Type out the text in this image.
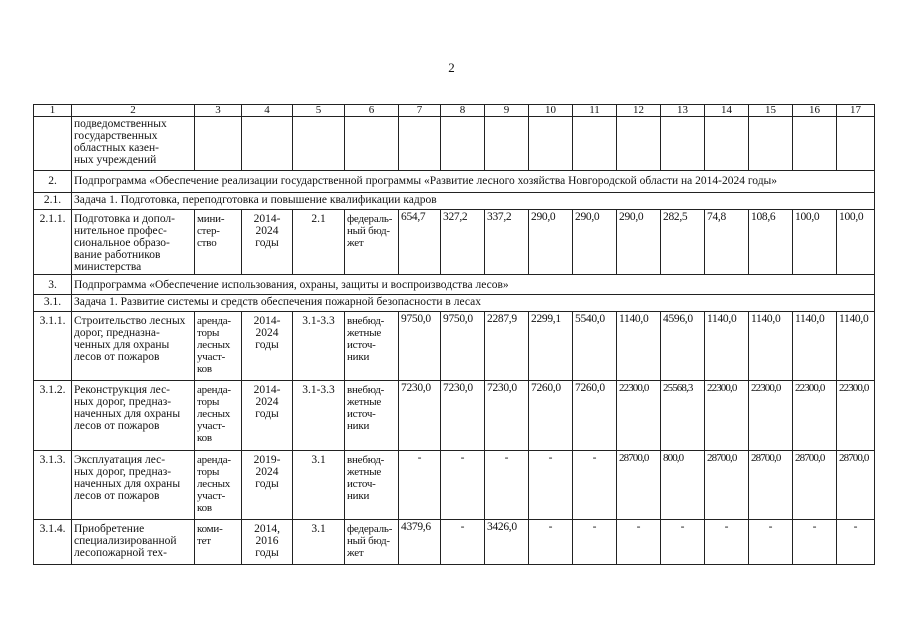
2
1	2	3	4	5	6	7	8	9	10	11	12	13	14	15	16	17
	подведомственных
государственных
областных казен-
ных учреждений															
2.	Подпрограмма «Обеспечение реализации государственной программы «Развитие лесного хозяйства Новгородской области на 2014-2024 годы»															
2.1.	Задача 1. Подготовка, переподготовка и повышение квалификации кадров															
2.1.1.	Подготовка и допол-
нительное профес-
сиональное образо-
вание работников
министерства	мини-
стер-
ство	2014-
2024
годы	2.1	федераль-
ный бюд-
жет	654,7	327,2	337,2	290,0	290,0	290,0	282,5	74,8	108,6	100,0	100,0
3.	Подпрограмма «Обеспечение использования, охраны, защиты и воспроизводства лесов»															
3.1.	Задача 1. Развитие системы и средств обеспечения пожарной безопасности в лесах															
3.1.1.	Строительство лесных
дорог, предназна-
ченных для охраны
лесов от пожаров	аренда-
торы
лесных
участ-
ков	2014-
2024
годы	3.1-3.3	внебюд-
жетные
источ-
ники	9750,0	9750,0	2287,9	2299,1	5540,0	1140,0	4596,0	1140,0	1140,0	1140,0	1140,0
3.1.2.	Реконструкция лес-
ных дорог, предназ-
наченных для охраны
лесов от пожаров	аренда-
торы
лесных
участ-
ков	2014-
2024
годы	3.1-3.3	внебюд-
жетные
источ-
ники	7230,0	7230,0	7230,0	7260,0	7260,0	22300,0	25568,3	22300,0	22300,0	22300,0	22300,0
3.1.3.	Эксплуатация лес-
ных дорог, предназ-
наченных для охраны
лесов от пожаров	аренда-
торы
лесных
участ-
ков	2019-
2024
годы	3.1	внебюд-
жетные
источ-
ники	-	-	-	-	-	28700,0	800,0	28700,0	28700,0	28700,0	28700,0
3.1.4.	Приобретение
специализированной
лесопожарной тех-	коми-
тет	2014,
2016
годы	3.1	федераль-
ный бюд-
жет	4379,6	-	3426,0	-	-	-	-	-	-	-	-
